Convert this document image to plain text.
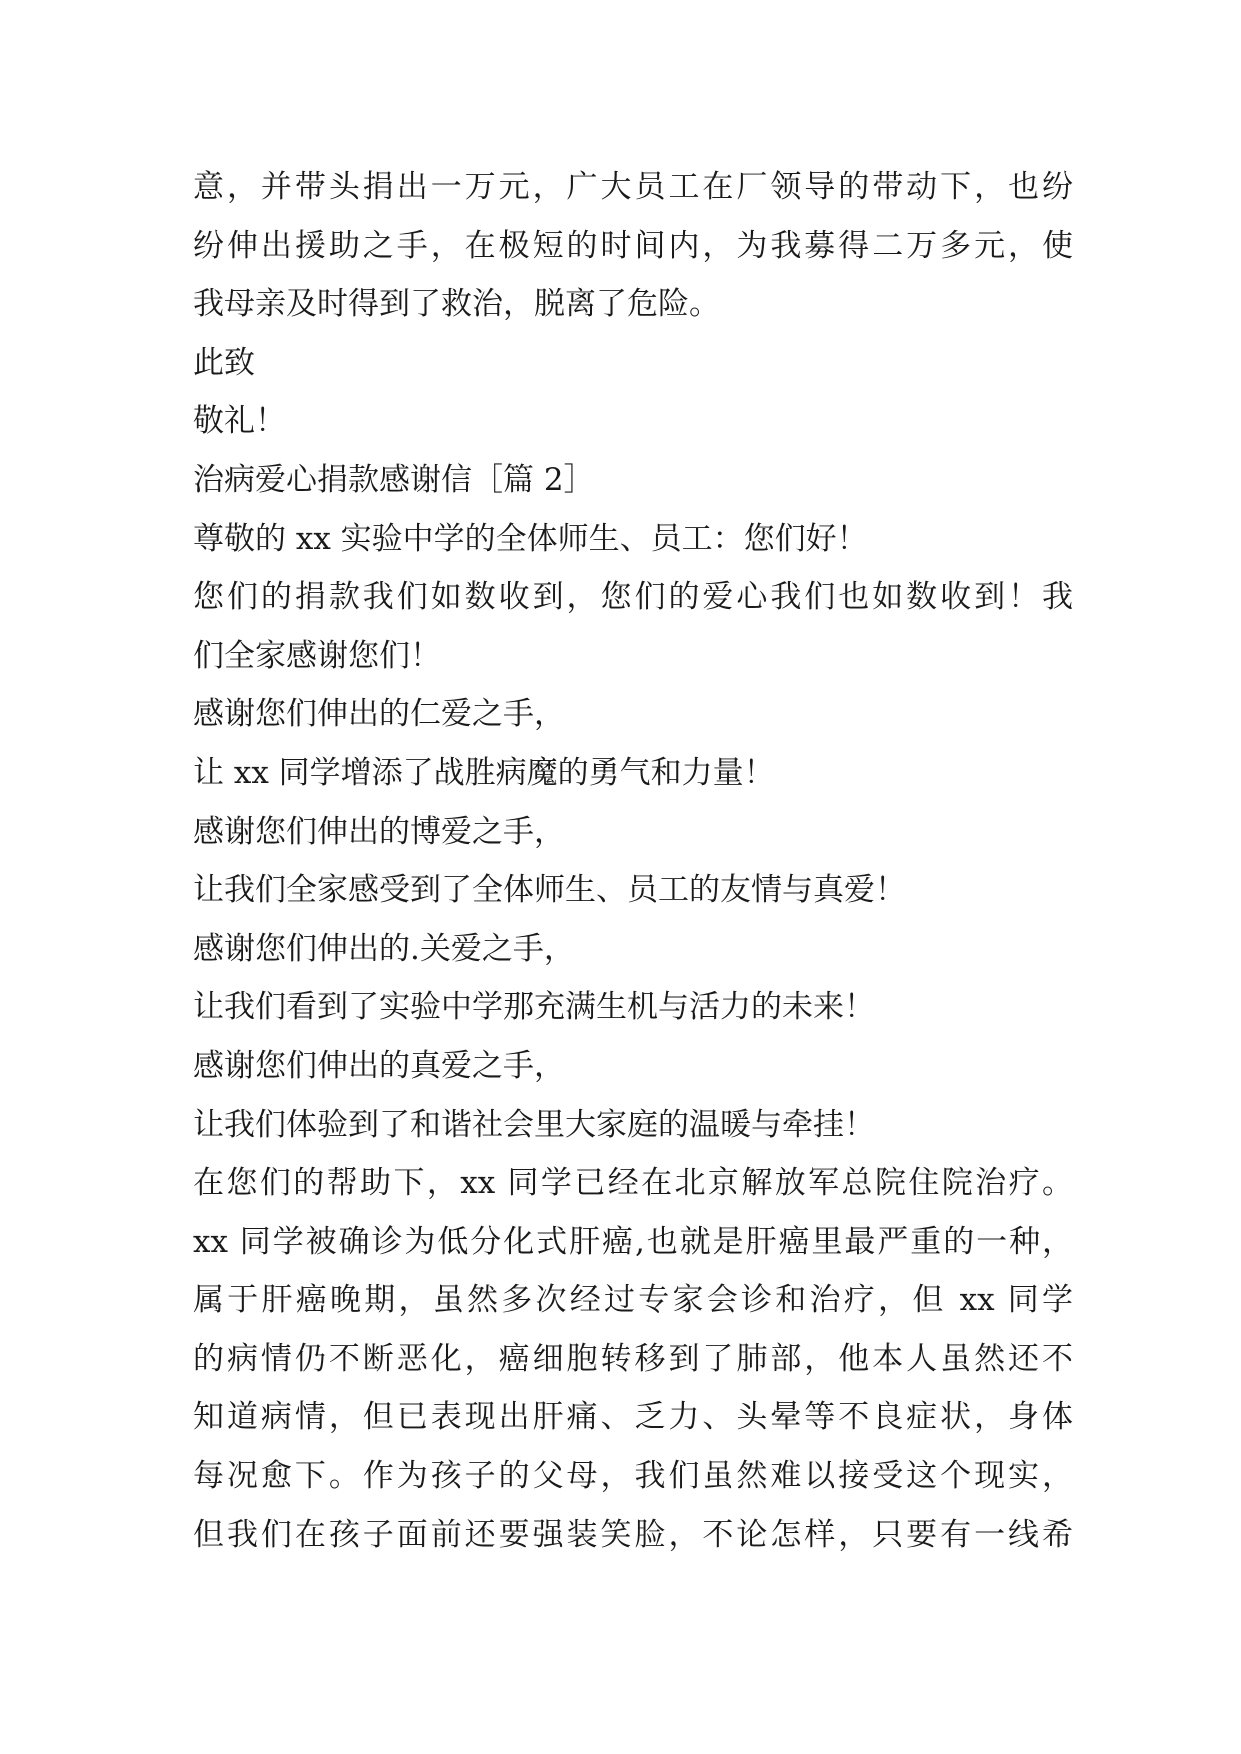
意，并带头捐出一万元，广大员工在厂领导的带动下，也纷
纷伸出援助之手，在极短的时间内，为我募得二万多元，使
我母亲及时得到了救治，脱离了危险。
此致
敬礼！
治病爱心捐款感谢信［篇 2］
尊敬的 xx 实验中学的全体师生、员工：您们好！
您们的捐款我们如数收到，您们的爱心我们也如数收到！我
们全家感谢您们！
感谢您们伸出的仁爱之手，
让 xx 同学增添了战胜病魔的勇气和力量！
感谢您们伸出的博爱之手，
让我们全家感受到了全体师生、员工的友情与真爱！
感谢您们伸出的.关爱之手，
让我们看到了实验中学那充满生机与活力的未来！
感谢您们伸出的真爱之手，
让我们体验到了和谐社会里大家庭的温暖与牵挂！
在您们的帮助下，xx 同学已经在北京解放军总院住院治疗。
xx 同学被确诊为低分化式肝癌,也就是肝癌里最严重的一种，
属于肝癌晚期，虽然多次经过专家会诊和治疗，但 xx 同学
的病情仍不断恶化，癌细胞转移到了肺部，他本人虽然还不
知道病情，但已表现出肝痛、乏力、头晕等不良症状，身体
每况愈下。作为孩子的父母，我们虽然难以接受这个现实，
但我们在孩子面前还要强装笑脸，不论怎样，只要有一线希
